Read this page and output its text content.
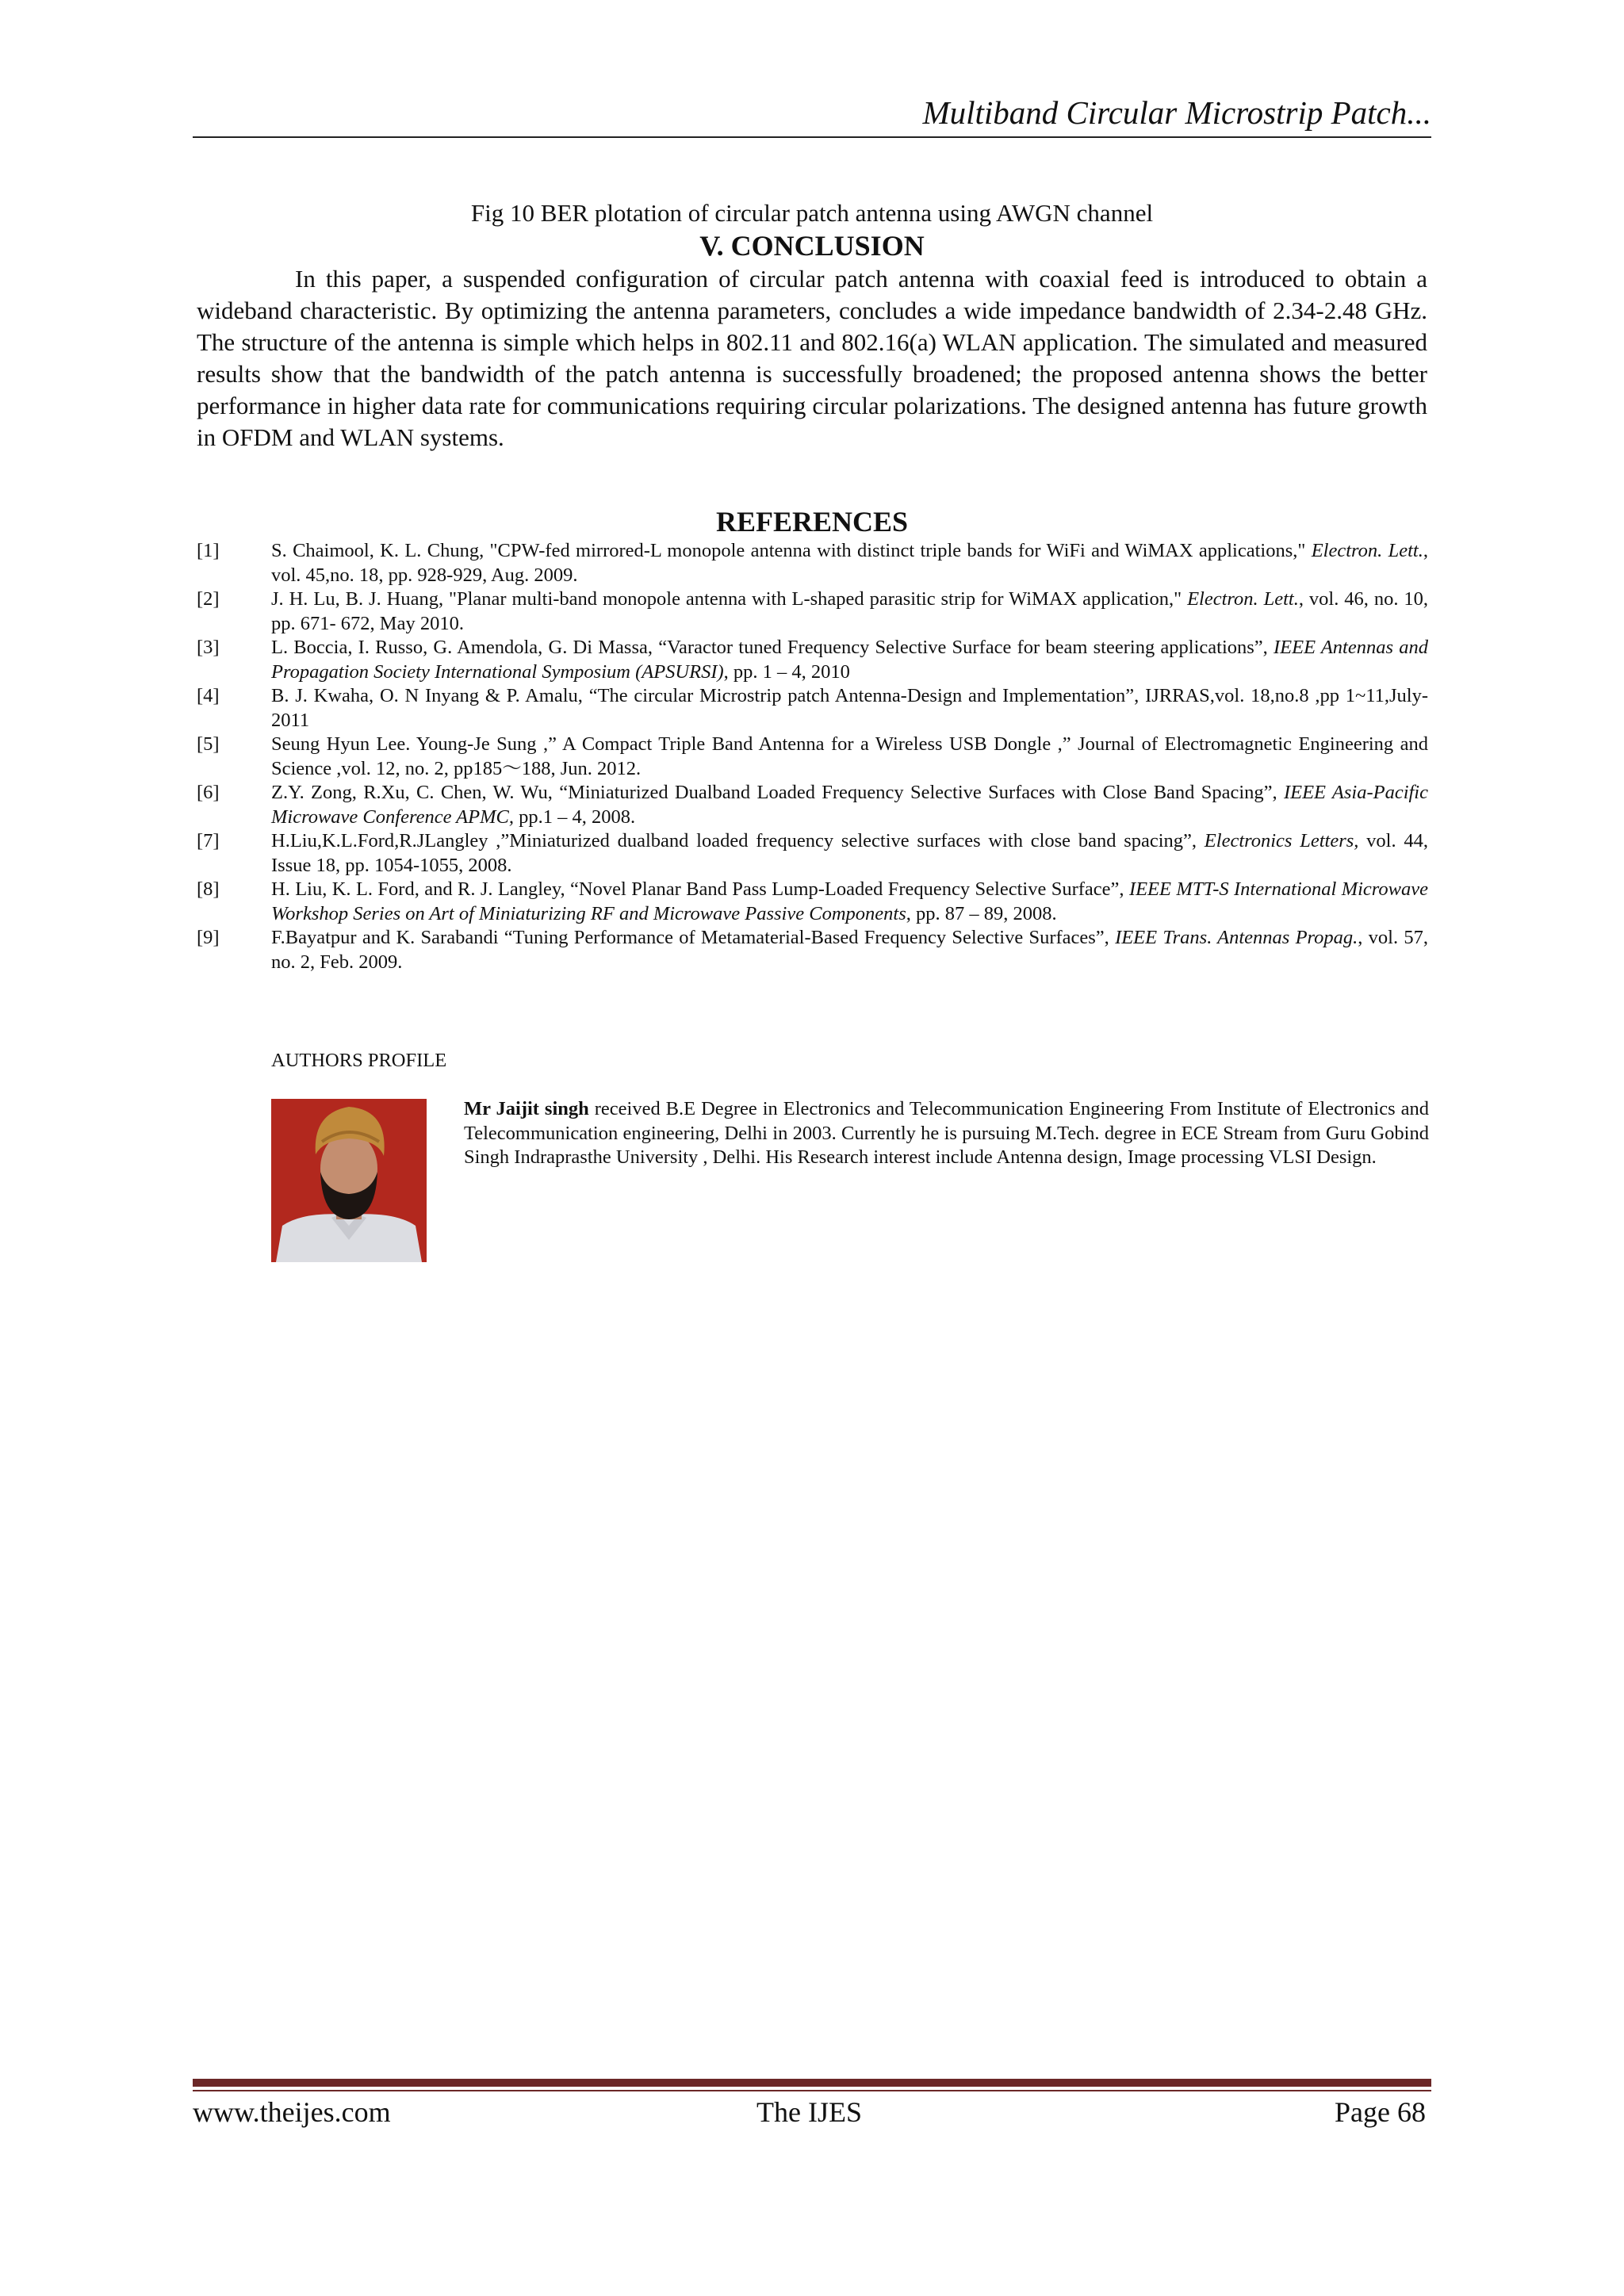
Multiband Circular Microstrip Patch...
Fig 10 BER plotation of circular patch antenna using AWGN channel
V. CONCLUSION

In this paper, a suspended configuration of circular patch antenna with coaxial feed is introduced to obtain a wideband characteristic. By optimizing the antenna parameters, concludes a wide impedance bandwidth of 2.34-2.48 GHz. The structure of the antenna is simple which helps in 802.11 and 802.16(a) WLAN application. The simulated and measured results show that the bandwidth of the patch antenna is successfully broadened; the proposed antenna shows the better performance in higher data rate for communications requiring circular polarizations. The designed antenna has future growth in OFDM and WLAN systems.

REFERENCES
[1]	S. Chaimool, K. L. Chung, "CPW-fed mirrored-L monopole antenna with distinct triple bands for WiFi and WiMAX applications," Electron. Lett., vol. 45,no. 18, pp. 928-929, Aug. 2009.
[2]	J. H. Lu, B. J. Huang, "Planar multi-band monopole antenna with L-shaped parasitic strip for WiMAX application," Electron. Lett., vol. 46, no. 10, pp. 671- 672, May 2010.
[3]	L. Boccia, I. Russo, G. Amendola, G. Di Massa, “Varactor tuned Frequency Selective Surface for beam steering applications”, IEEE Antennas and Propagation Society International Symposium (APSURSI), pp. 1 – 4, 2010
[4]	B. J. Kwaha, O. N Inyang & P. Amalu, “The circular Microstrip patch Antenna-Design and Implementation”, IJRRAS,vol. 18,no.8 ,pp 1~11,July-2011
[5]	Seung Hyun Lee. Young-Je Sung ,” A Compact Triple Band Antenna for a Wireless USB Dongle ,” Journal of Electromagnetic Engineering and Science ,vol. 12, no. 2, pp185～188, Jun. 2012.
[6]	Z.Y. Zong, R.Xu, C. Chen, W. Wu, “Miniaturized Dualband Loaded Frequency Selective Surfaces with Close Band Spacing”, IEEE Asia-Pacific Microwave Conference APMC, pp.1 – 4, 2008.
[7]	H.Liu,K.L.Ford,R.JLangley ,”Miniaturized dualband loaded frequency selective surfaces with close band spacing”, Electronics Letters, vol. 44, Issue 18, pp. 1054-1055, 2008.
[8]	H. Liu, K. L. Ford, and R. J. Langley, “Novel Planar Band Pass Lump-Loaded Frequency Selective Surface”, IEEE MTT-S International Microwave Workshop Series on Art of Miniaturizing RF and Microwave Passive Components, pp. 87 – 89, 2008.
[9]	F.Bayatpur and K. Sarabandi “Tuning Performance of Metamaterial-Based Frequency Selective Surfaces”, IEEE Trans. Antennas Propag., vol. 57, no. 2, Feb. 2009.
AUTHORS PROFILE

Mr Jaijit singh received B.E Degree in Electronics and Telecommunication Engineering From Institute of Electronics and Telecommunication engineering, Delhi in 2003. Currently he is pursuing M.Tech. degree in ECE Stream from Guru Gobind Singh Indraprasthe University , Delhi. His Research interest include Antenna design, Image processing VLSI Design.

www.theijes.com	The IJES	Page 68
